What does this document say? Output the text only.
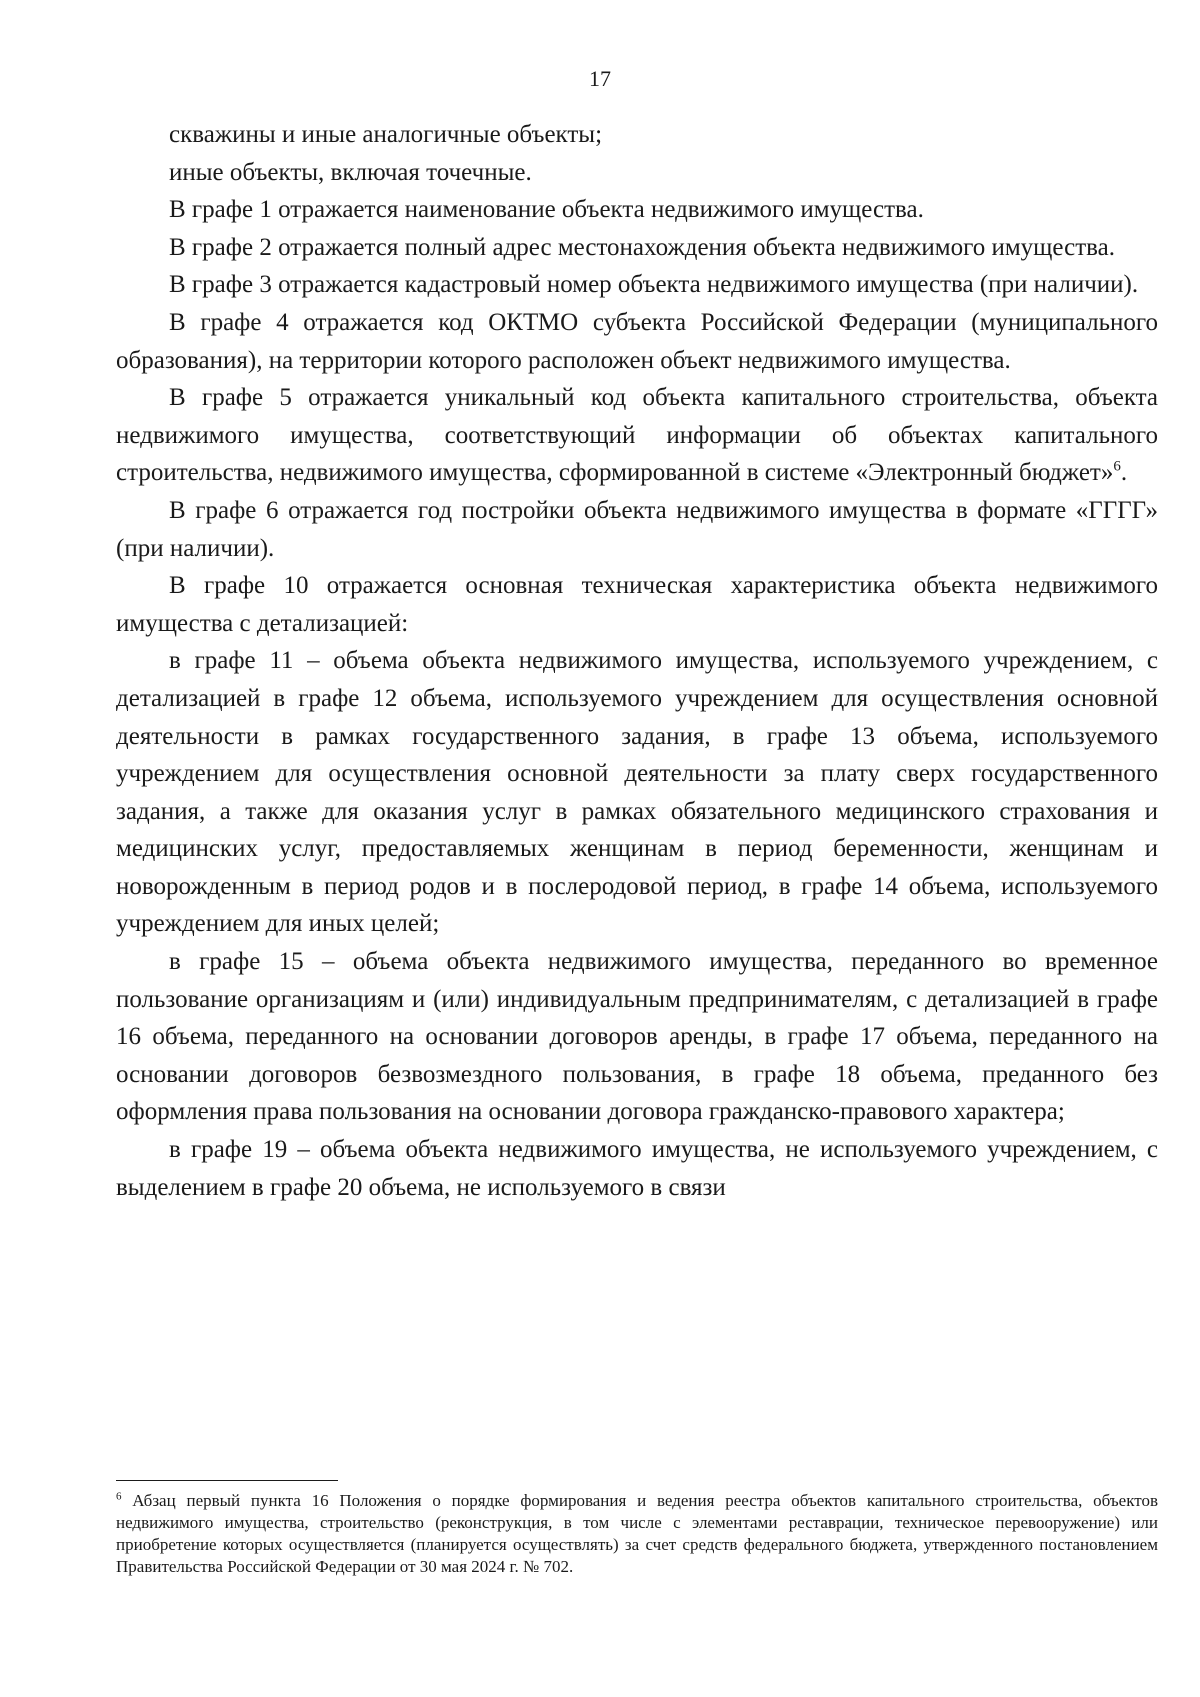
17

скважины и иные аналогичные объекты;

иные объекты, включая точечные.

В графе 1 отражается наименование объекта недвижимого имущества.

В графе 2 отражается полный адрес местонахождения объекта недвижимого имущества.

В графе 3 отражается кадастровый номер объекта недвижимого имущества (при наличии).

В графе 4 отражается код ОКТМО субъекта Российской Федерации (муниципального образования), на территории которого расположен объект недвижимого имущества.

В графе 5 отражается уникальный код объекта капитального строительства, объекта недвижимого имущества, соответствующий информации об объектах капитального строительства, недвижимого имущества, сформированной в системе «Электронный бюджет»$^6$.

В графе 6 отражается год постройки объекта недвижимого имущества в формате «ГГГГ» (при наличии).

В графе 10 отражается основная техническая характеристика объекта недвижимого имущества с детализацией:

в графе 11 – объема объекта недвижимого имущества, используемого учреждением, с детализацией в графе 12 объема, используемого учреждением для осуществления основной деятельности в рамках государственного задания, в графе 13 объема, используемого учреждением для осуществления основной деятельности за плату сверх государственного задания, а также для оказания услуг в рамках обязательного медицинского страхования и медицинских услуг, предоставляемых женщинам в период беременности, женщинам и новорожденным в период родов и в послеродовой период, в графе 14 объема, используемого учреждением для иных целей;

в графе 15 – объема объекта недвижимого имущества, переданного во временное пользование организациям и (или) индивидуальным предпринимателям, с детализацией в графе 16 объема, переданного на основании договоров аренды, в графе 17 объема, переданного на основании договоров безвозмездного пользования, в графе 18 объема, преданного без оформления права пользования на основании договора гражданско-правового характера;

в графе 19 – объема объекта недвижимого имущества, не используемого учреждением, с выделением в графе 20 объема, не используемого в связи

$^6$ Абзац первый пункта 16 Положения о порядке формирования и ведения реестра объектов капитального строительства, объектов недвижимого имущества, строительство (реконструкция, в том числе с элементами реставрации, техническое перевооружение) или приобретение которых осуществляется (планируется осуществлять) за счет средств федерального бюджета, утвержденного постановлением Правительства Российской Федерации от 30 мая 2024 г. № 702.
